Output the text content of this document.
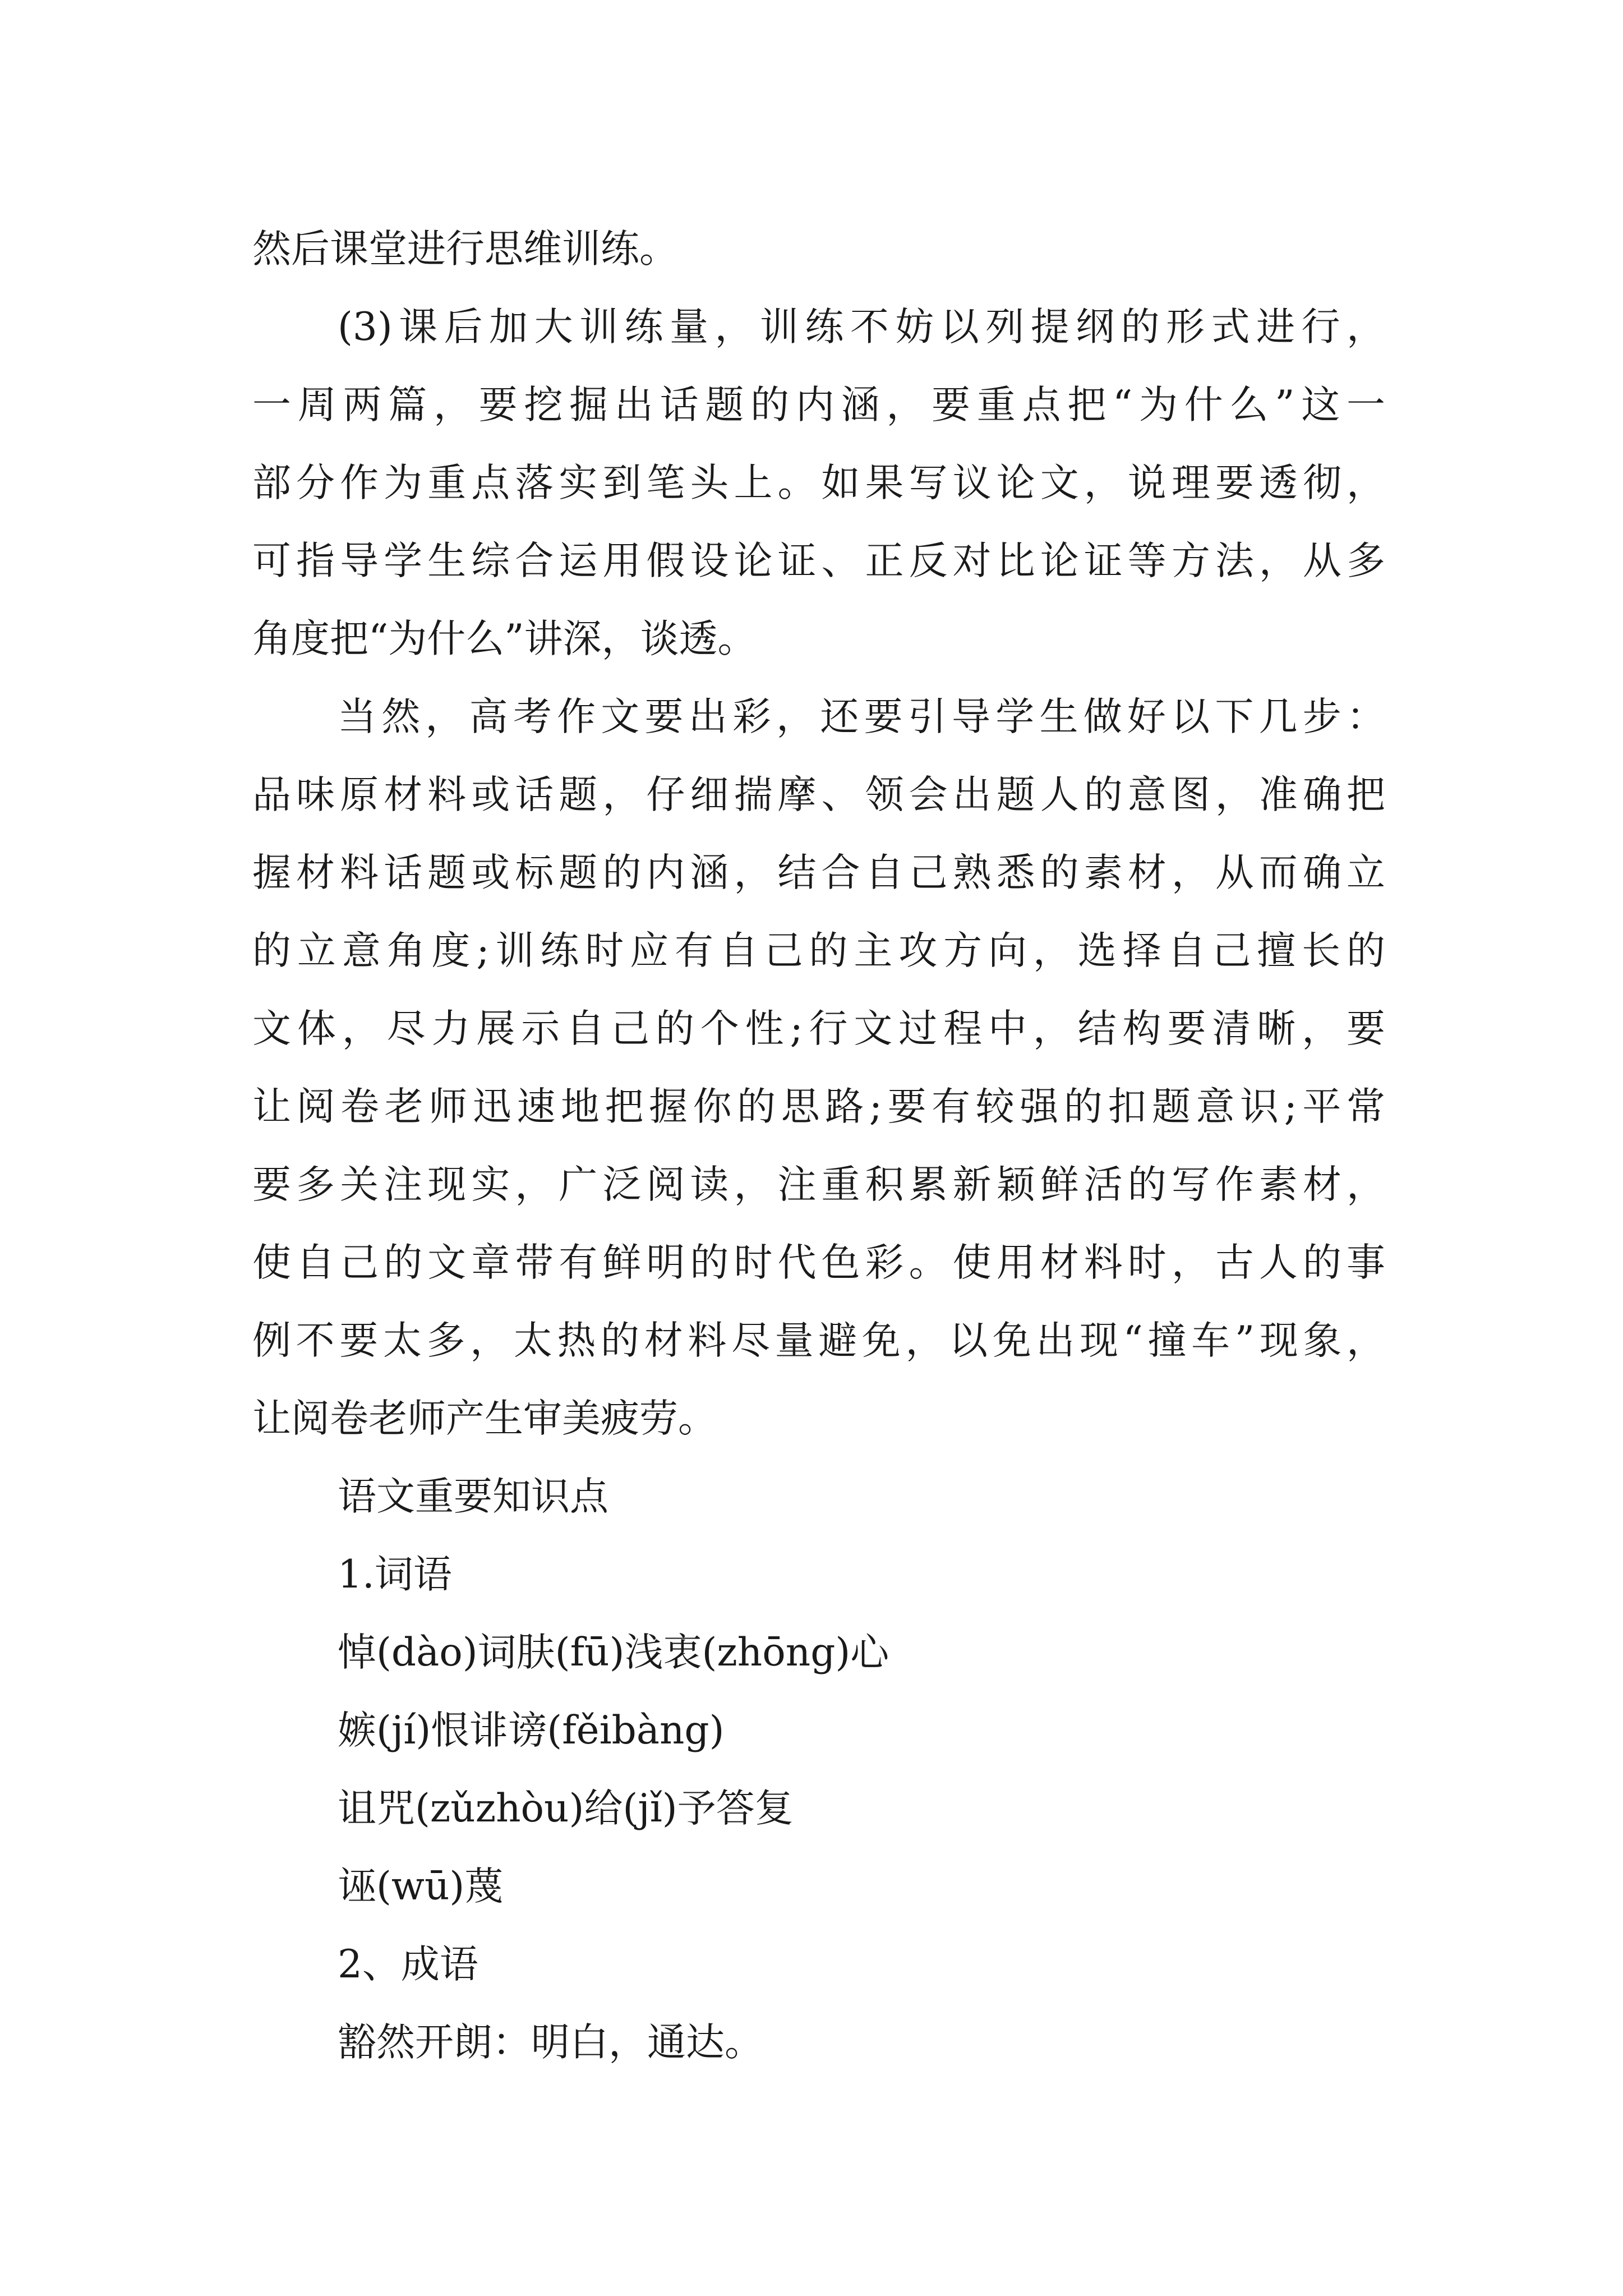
然后课堂进行思维训练。
(3)课后加大训练量，训练不妨以列提纲的形式进行，
一周两篇，要挖掘出话题的内涵，要重点把“为什么”这一
部分作为重点落实到笔头上。如果写议论文，说理要透彻，
可指导学生综合运用假设论证、正反对比论证等方法，从多
角度把“为什么”讲深，谈透。
当然，高考作文要出彩，还要引导学生做好以下几步：
品味原材料或话题，仔细揣摩、领会出题人的意图，准确把
握材料话题或标题的内涵，结合自己熟悉的素材，从而确立
的立意角度;训练时应有自己的主攻方向，选择自己擅长的
文体，尽力展示自己的个性;行文过程中，结构要清晰，要
让阅卷老师迅速地把握你的思路;要有较强的扣题意识;平常
要多关注现实，广泛阅读，注重积累新颖鲜活的写作素材，
使自己的文章带有鲜明的时代色彩。使用材料时，古人的事
例不要太多，太热的材料尽量避免，以免出现“撞车”现象，
让阅卷老师产生审美疲劳。
语文重要知识点
1.词语
悼(dào)词肤(fū)浅衷(zhōng)心
嫉(jí)恨诽谤(fěibàng)
诅咒(zǔzhòu)给(jǐ)予答复
诬(wū)蔑
2、成语
豁然开朗：明白，通达。
